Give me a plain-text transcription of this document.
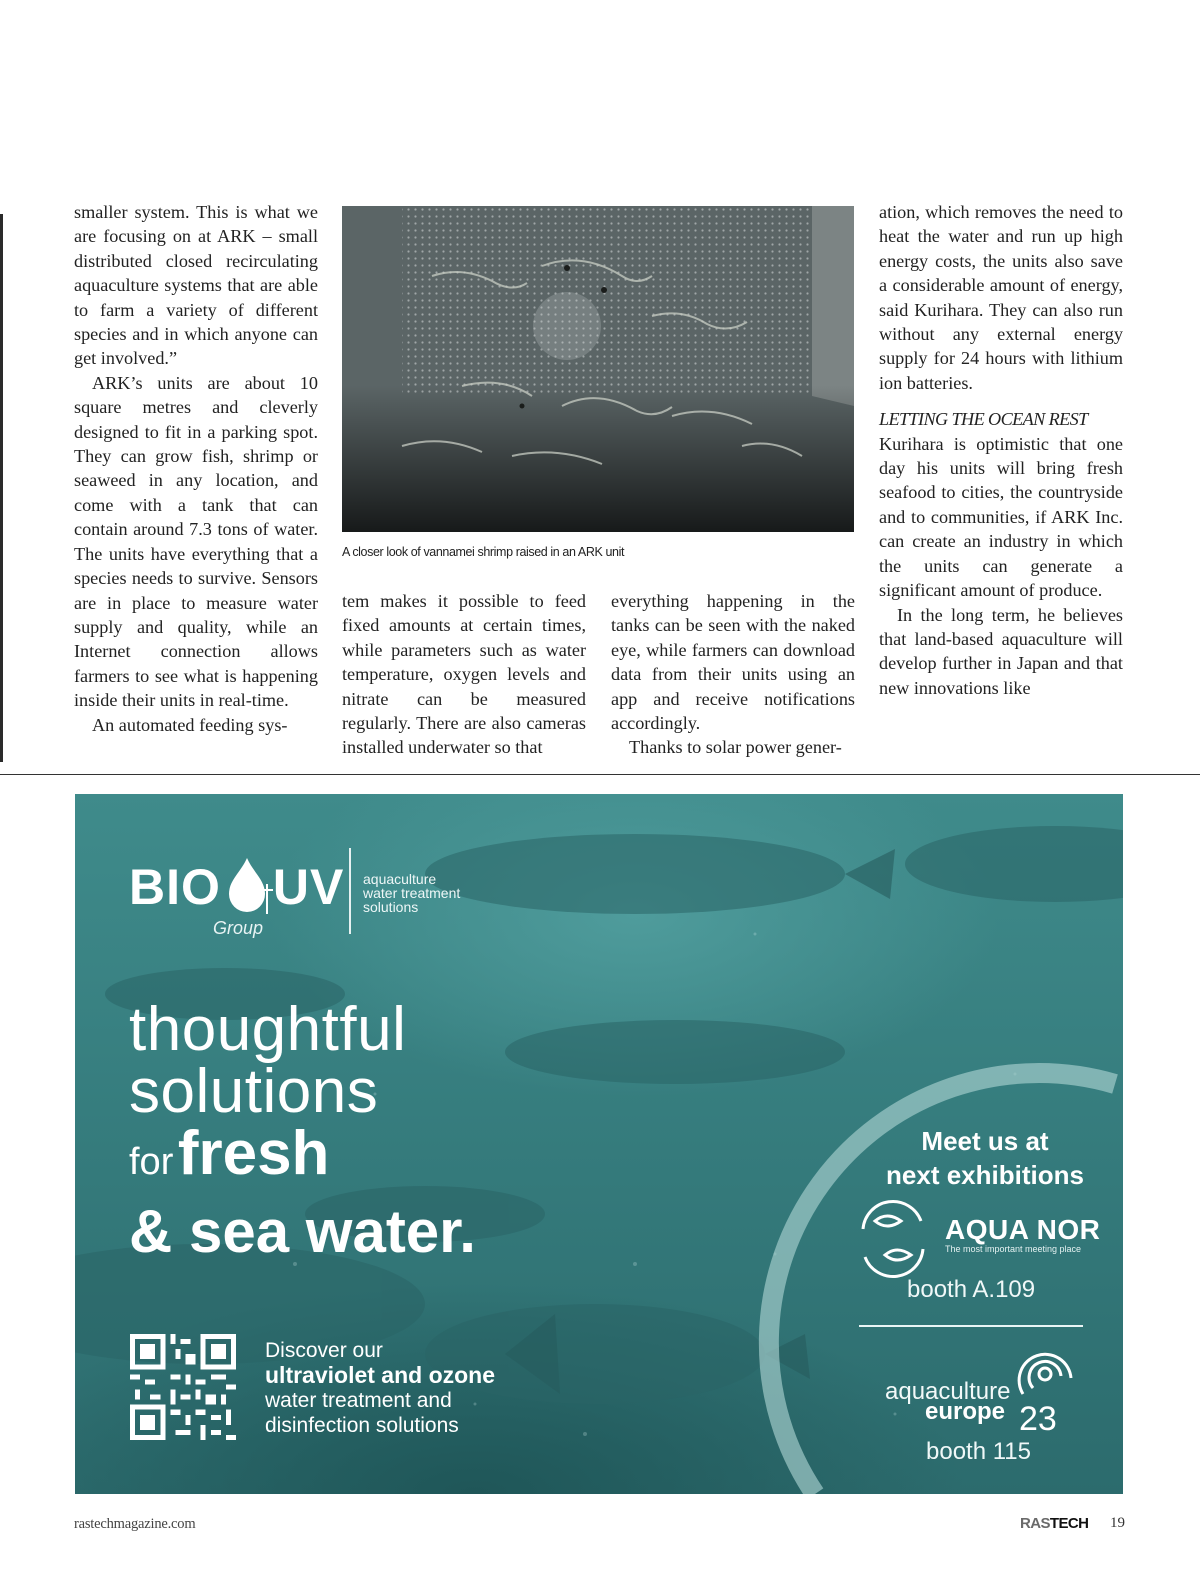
smaller system. This is what we are focusing on at ARK – small distributed closed recirculating aquaculture systems that are able to farm a variety of different species and in which anyone can get involved.”

ARK’s units are about 10 square metres and cleverly designed to fit in a parking spot. They can grow fish, shrimp or seaweed in any location, and come with a tank that can contain around 7.3 tons of water. The units have everything that a species needs to survive. Sensors are in place to measure water supply and quality, while an Internet connection allows farmers to see what is happening inside their units in real-time.

An automated feeding sys-

A closer look of vannamei shrimp raised in an ARK unit

tem makes it possible to feed fixed amounts at certain times, while parameters such as water temperature, oxygen levels and nitrate can be measured regularly. There are also cameras installed underwater so that

everything happening in the tanks can be seen with the naked eye, while farmers can download data from their units using an app and receive notifications accordingly.

Thanks to solar power gener-

ation, which removes the need to heat the water and run up high energy costs, the units also save a considerable amount of energy, said Kurihara. They can also run without any external energy supply for 24 hours with lithium ion batteries.

LETTING THE OCEAN REST

Kurihara is optimistic that one day his units will bring fresh seafood to cities, the countryside and to communities, if ARK Inc. can create an industry in which the units can generate a significant amount of produce.

In the long term, he believes that land-based aquaculture will develop further in Japan and that new innovations like

BIO UV
Group
aquaculture
water treatment
solutions
thoughtful
solutions
for fresh
& sea water.
Discover our
ultraviolet and ozone
water treatment and
disinfection solutions
Meet us at
next exhibitions
AQUA NOR
The most important meeting place
booth A.109
aquaculture
europe 23
booth 115
rastechmagazine.com	RASTECH 19
